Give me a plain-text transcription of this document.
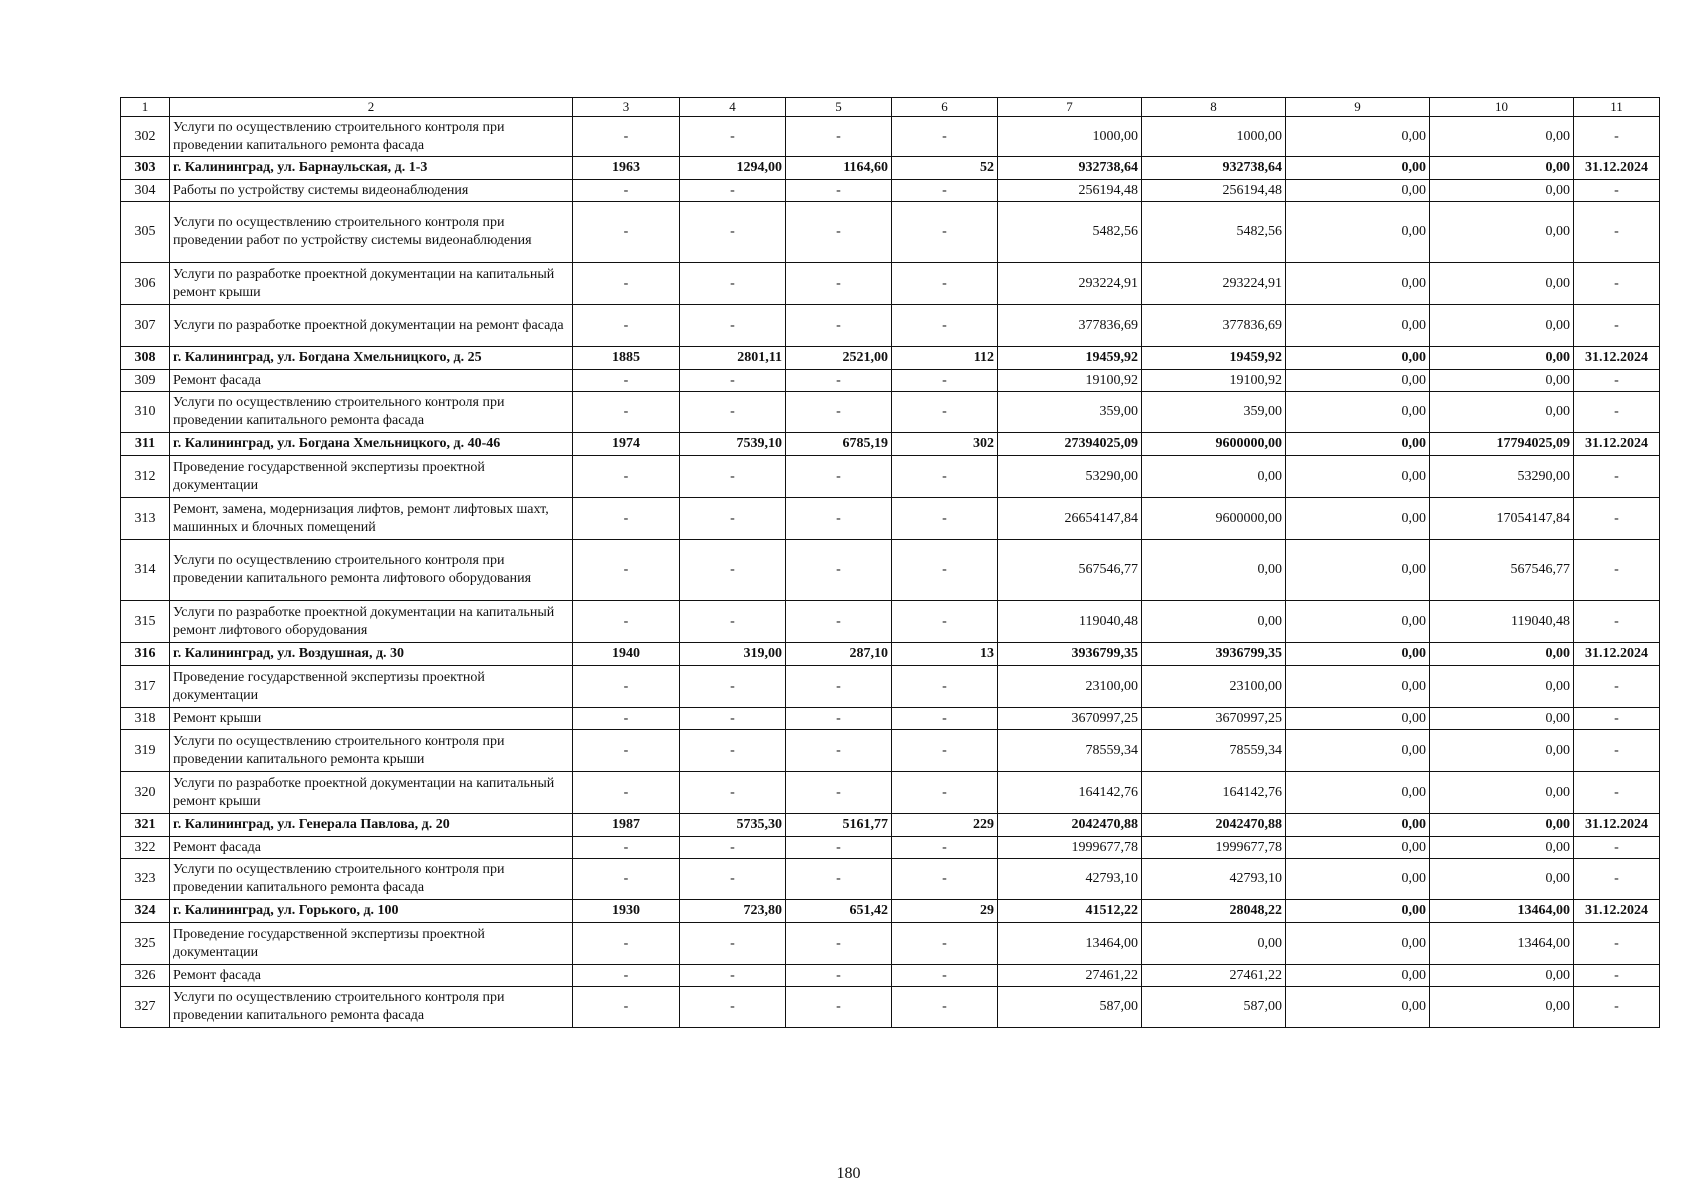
1	2	3	4	5	6	7	8	9	10	11
302	Услуги по осуществлению строительного контроля при проведении капитального ремонта фасада	-	-	-	-	1000,00	1000,00	0,00	0,00	-
303	г. Калининград, ул. Барнаульская, д. 1-3	1963	1294,00	1164,60	52	932738,64	932738,64	0,00	0,00	31.12.2024
304	Работы по устройству системы видеонаблюдения	-	-	-	-	256194,48	256194,48	0,00	0,00	-
305	Услуги по осуществлению строительного контроля при проведении работ по устройству системы видеонаблюдения	-	-	-	-	5482,56	5482,56	0,00	0,00	-
306	Услуги по разработке проектной документации на капитальный ремонт крыши	-	-	-	-	293224,91	293224,91	0,00	0,00	-
307	Услуги по разработке проектной документации на ремонт фасада	-	-	-	-	377836,69	377836,69	0,00	0,00	-
308	г. Калининград, ул. Богдана Хмельницкого, д. 25	1885	2801,11	2521,00	112	19459,92	19459,92	0,00	0,00	31.12.2024
309	Ремонт фасада	-	-	-	-	19100,92	19100,92	0,00	0,00	-
310	Услуги по осуществлению строительного контроля при проведении капитального ремонта фасада	-	-	-	-	359,00	359,00	0,00	0,00	-
311	г. Калининград, ул. Богдана Хмельницкого, д. 40-46	1974	7539,10	6785,19	302	27394025,09	9600000,00	0,00	17794025,09	31.12.2024
312	Проведение государственной экспертизы проектной документации	-	-	-	-	53290,00	0,00	0,00	53290,00	-
313	Ремонт, замена, модернизация лифтов, ремонт лифтовых шахт, машинных и блочных помещений	-	-	-	-	26654147,84	9600000,00	0,00	17054147,84	-
314	Услуги по осуществлению строительного контроля при проведении капитального ремонта лифтового оборудования	-	-	-	-	567546,77	0,00	0,00	567546,77	-
315	Услуги по разработке проектной документации на капитальный ремонт лифтового оборудования	-	-	-	-	119040,48	0,00	0,00	119040,48	-
316	г. Калининград, ул. Воздушная, д. 30	1940	319,00	287,10	13	3936799,35	3936799,35	0,00	0,00	31.12.2024
317	Проведение государственной экспертизы проектной документации	-	-	-	-	23100,00	23100,00	0,00	0,00	-
318	Ремонт крыши	-	-	-	-	3670997,25	3670997,25	0,00	0,00	-
319	Услуги по осуществлению строительного контроля при проведении капитального ремонта крыши	-	-	-	-	78559,34	78559,34	0,00	0,00	-
320	Услуги по разработке проектной документации на капитальный ремонт крыши	-	-	-	-	164142,76	164142,76	0,00	0,00	-
321	г. Калининград, ул. Генерала Павлова, д. 20	1987	5735,30	5161,77	229	2042470,88	2042470,88	0,00	0,00	31.12.2024
322	Ремонт фасада	-	-	-	-	1999677,78	1999677,78	0,00	0,00	-
323	Услуги по осуществлению строительного контроля при проведении капитального ремонта фасада	-	-	-	-	42793,10	42793,10	0,00	0,00	-
324	г. Калининград, ул. Горького, д. 100	1930	723,80	651,42	29	41512,22	28048,22	0,00	13464,00	31.12.2024
325	Проведение государственной экспертизы проектной документации	-	-	-	-	13464,00	0,00	0,00	13464,00	-
326	Ремонт фасада	-	-	-	-	27461,22	27461,22	0,00	0,00	-
327	Услуги по осуществлению строительного контроля при проведении капитального ремонта фасада	-	-	-	-	587,00	587,00	0,00	0,00	-
180
